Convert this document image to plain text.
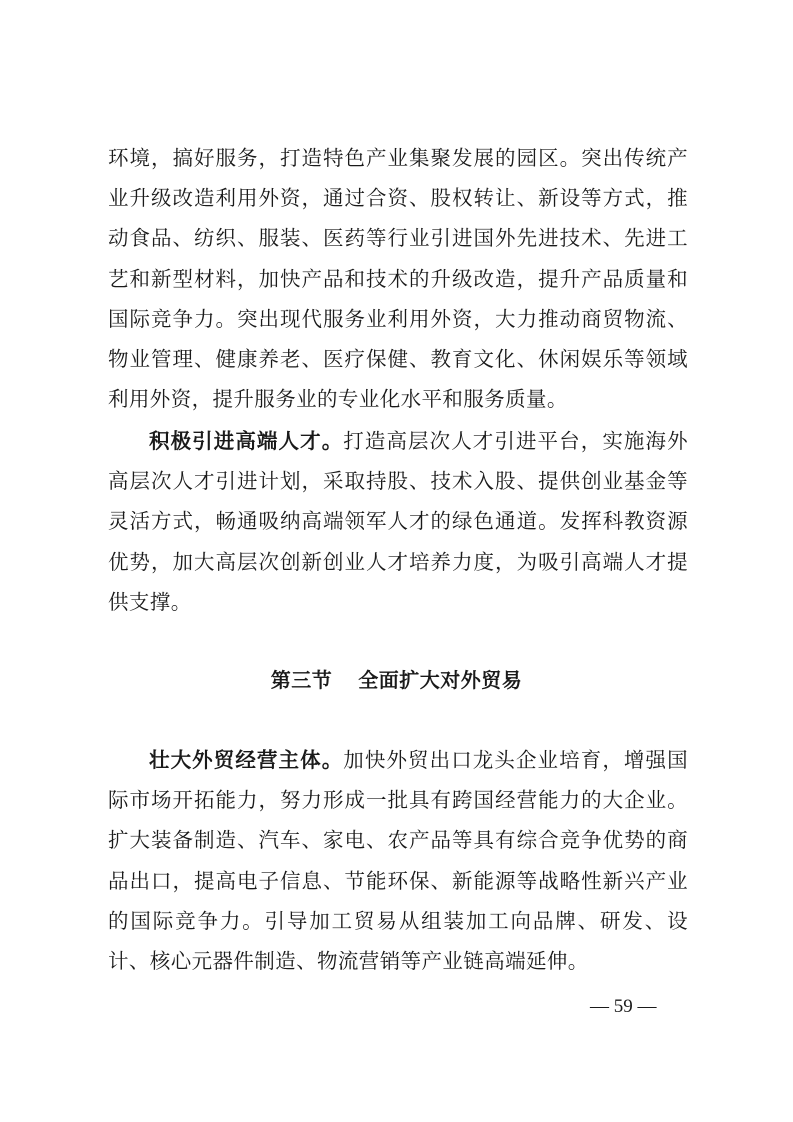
环境，搞好服务，打造特色产业集聚发展的园区。突出传统产业升级改造利用外资，通过合资、股权转让、新设等方式，推动食品、纺织、服装、医药等行业引进国外先进技术、先进工艺和新型材料，加快产品和技术的升级改造，提升产品质量和国际竞争力。突出现代服务业利用外资，大力推动商贸物流、物业管理、健康养老、医疗保健、教育文化、休闲娱乐等领域利用外资，提升服务业的专业化水平和服务质量。

积极引进高端人才。打造高层次人才引进平台，实施海外高层次人才引进计划，采取持股、技术入股、提供创业基金等灵活方式，畅通吸纳高端领军人才的绿色通道。发挥科教资源优势，加大高层次创新创业人才培养力度，为吸引高端人才提供支撑。

第三节 全面扩大对外贸易

壮大外贸经营主体。加快外贸出口龙头企业培育，增强国际市场开拓能力，努力形成一批具有跨国经营能力的大企业。扩大装备制造、汽车、家电、农产品等具有综合竞争优势的商品出口，提高电子信息、节能环保、新能源等战略性新兴产业的国际竞争力。引导加工贸易从组装加工向品牌、研发、设计、核心元器件制造、物流营销等产业链高端延伸。

— 59 —
